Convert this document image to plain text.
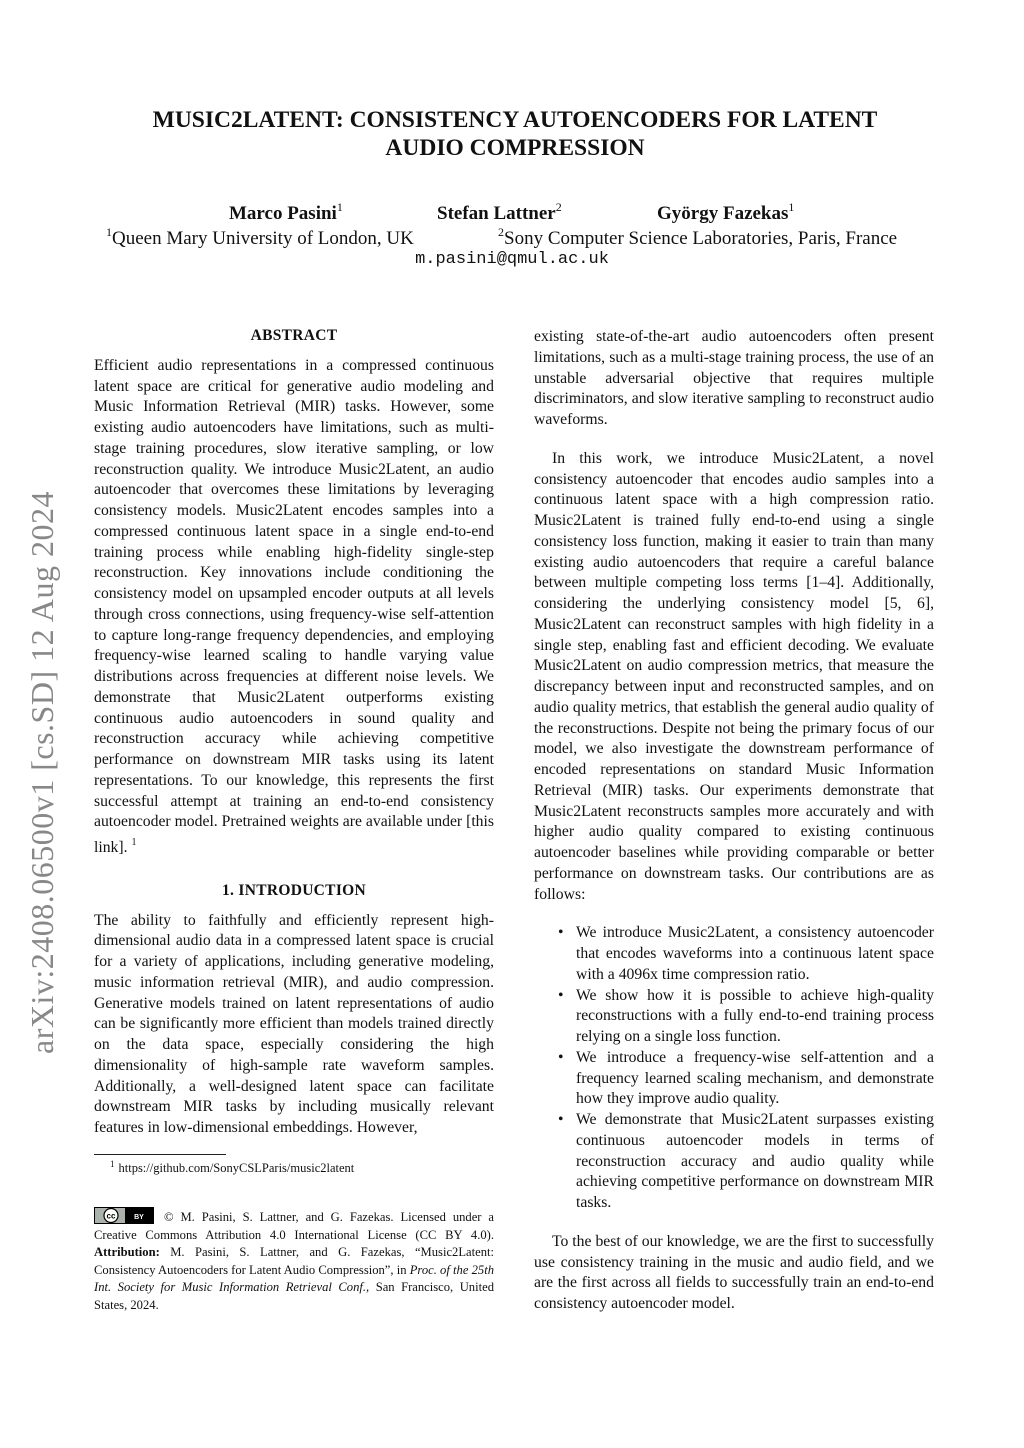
arXiv:2408.06500v1 [cs.SD] 12 Aug 2024
MUSIC2LATENT: CONSISTENCY AUTOENCODERS FOR LATENT
AUDIO COMPRESSION
Marco Pasini$^1$	Stefan Lattner$^2$	György Fazekas$^1$
$^1$Queen Mary University of London, UK	$^2$Sony Computer Science Laboratories, Paris, France
m.pasini@qmul.ac.uk
ABSTRACT

Efficient audio representations in a compressed continuous latent space are critical for generative audio modeling and Music Information Retrieval (MIR) tasks. However, some existing audio autoencoders have limitations, such as multi-stage training procedures, slow iterative sampling, or low reconstruction quality. We introduce Music2Latent, an audio autoencoder that overcomes these limitations by leveraging consistency models. Music2Latent encodes samples into a compressed continuous latent space in a single end-to-end training process while enabling high-fidelity single-step reconstruction. Key innovations include conditioning the consistency model on upsampled encoder outputs at all levels through cross connections, using frequency-wise self-attention to capture long-range frequency dependencies, and employing frequency-wise learned scaling to handle varying value distributions across frequencies at different noise levels. We demonstrate that Music2Latent outperforms existing continuous audio autoencoders in sound quality and reconstruction accuracy while achieving competitive performance on downstream MIR tasks using its latent representations. To our knowledge, this represents the first successful attempt at training an end-to-end consistency autoencoder model. Pretrained weights are available under [this link]. $^1$

1. INTRODUCTION

The ability to faithfully and efficiently represent high-dimensional audio data in a compressed latent space is crucial for a variety of applications, including generative modeling, music information retrieval (MIR), and audio compression. Generative models trained on latent representations of audio can be significantly more efficient than models trained directly on the data space, especially considering the high dimensionality of high-sample rate waveform samples. Additionally, a well-designed latent space can facilitate downstream MIR tasks by including musically relevant features in low-dimensional embeddings. However,

$^1$ https://github.com/SonyCSLParis/music2latent
cc	BY © M. Pasini, S. Lattner, and G. Fazekas. Licensed under a Creative Commons Attribution 4.0 International License (CC BY 4.0). Attribution: M. Pasini, S. Lattner, and G. Fazekas, “Music2Latent: Consistency Autoencoders for Latent Audio Compression”, in Proc. of the 25th Int. Society for Music Information Retrieval Conf., San Francisco, United States, 2024.

existing state-of-the-art audio autoencoders often present limitations, such as a multi-stage training process, the use of an unstable adversarial objective that requires multiple discriminators, and slow iterative sampling to reconstruct audio waveforms.

In this work, we introduce Music2Latent, a novel consistency autoencoder that encodes audio samples into a continuous latent space with a high compression ratio. Music2Latent is trained fully end-to-end using a single consistency loss function, making it easier to train than many existing audio autoencoders that require a careful balance between multiple competing loss terms [1–4]. Additionally, considering the underlying consistency model [5, 6], Music2Latent can reconstruct samples with high fidelity in a single step, enabling fast and efficient decoding. We evaluate Music2Latent on audio compression metrics, that measure the discrepancy between input and reconstructed samples, and on audio quality metrics, that establish the general audio quality of the reconstructions. Despite not being the primary focus of our model, we also investigate the downstream performance of encoded representations on standard Music Information Retrieval (MIR) tasks. Our experiments demonstrate that Music2Latent reconstructs samples more accurately and with higher audio quality compared to existing continuous autoencoder baselines while providing comparable or better performance on downstream tasks. Our contributions are as follows:

• We introduce Music2Latent, a consistency autoencoder that encodes waveforms into a continuous latent space with a 4096x time compression ratio.
• We show how it is possible to achieve high-quality reconstructions with a fully end-to-end training process relying on a single loss function.
• We introduce a frequency-wise self-attention and a frequency learned scaling mechanism, and demonstrate how they improve audio quality.
• We demonstrate that Music2Latent surpasses existing continuous autoencoder models in terms of reconstruction accuracy and audio quality while achieving competitive performance on downstream MIR tasks.

To the best of our knowledge, we are the first to successfully use consistency training in the music and audio field, and we are the first across all fields to successfully train an end-to-end consistency autoencoder model.
